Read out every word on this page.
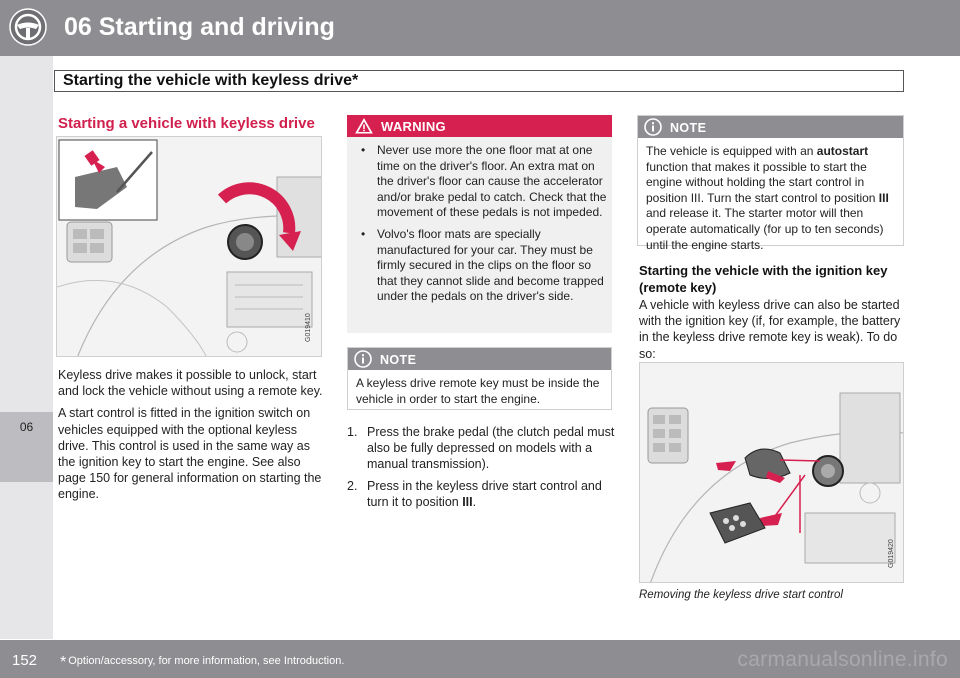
06 Starting and driving
Starting the vehicle with keyless drive*
06
Starting a vehicle with keyless drive
G019410

Keyless drive makes it possible to unlock, start and lock the vehicle without using a remote key.

A start control is fitted in the ignition switch on vehicles equipped with the optional keyless drive. This control is used in the same way as the ignition key to start the engine. See also page 150 for general information on starting the engine.

WARNING
• Never use more the one floor mat at one time on the driver's floor. An extra mat on the driver's floor can cause the accelerator and/or brake pedal to catch. Check that the movement of these pedals is not impeded.
• Volvo's floor mats are specially manufactured for your car. They must be firmly secured in the clips on the floor so that they cannot slide and become trapped under the pedals on the driver's side.
NOTE
A keyless drive remote key must be inside the vehicle in order to start the engine.
1. Press the brake pedal (the clutch pedal must also be fully depressed on models with a manual transmission).
2. Press in the keyless drive start control and turn it to position III.
NOTE
The vehicle is equipped with an autostart function that makes it possible to start the engine without holding the start control in position III. Turn the start control to position III and release it. The starter motor will then operate automatically (for up to ten seconds) until the engine starts.
Starting the vehicle with the ignition key (remote key)
A vehicle with keyless drive can also be started with the ignition key (if, for example, the battery in the keyless drive remote key is weak). To do so:
G019420
Removing the keyless drive start control
152 * Option/accessory, for more information, see Introduction.	carmanualsonline.info
